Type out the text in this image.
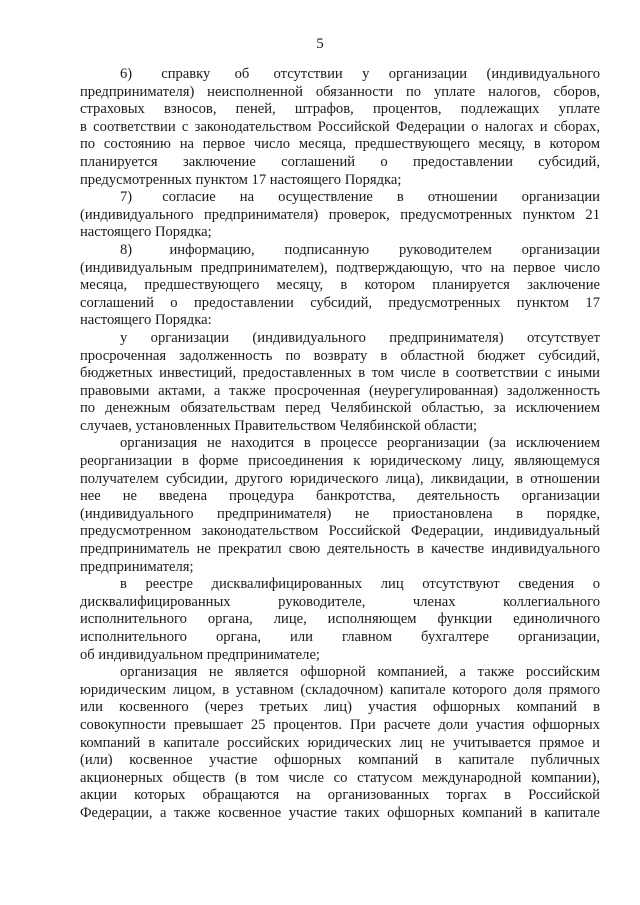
5
6)      справку     об     отсутствии    у    организации    (индивидуального
предпринимателя) неисполненной обязанности по уплате налогов, сборов,
страховых взносов, пеней, штрафов, процентов, подлежащих уплате
в соответствии с законодательством Российской Федерации о налогах и сборах,
по состоянию на первое число месяца, предшествующего месяцу, в котором
планируется заключение соглашений о предоставлении субсидий,
предусмотренных пунктом 17 настоящего Порядка;
7)     согласие    на    осуществление    в    отношении    организации
(индивидуального предпринимателя) проверок, предусмотренных пунктом 21
настоящего Порядка;
8)     информацию,    подписанную    руководителем    организации
(индивидуальным предпринимателем), подтверждающую, что на первое число
месяца, предшествующего месяцу, в котором планируется заключение
соглашений о предоставлении субсидий, предусмотренных пунктом 17
настоящего Порядка:
у    организации    (индивидуального    предпринимателя)    отсутствует
просроченная задолженность по возврату в областной бюджет субсидий,
бюджетных инвестиций, предоставленных в том числе в соответствии с иными
правовыми актами, а также просроченная (неурегулированная) задолженность
по денежным обязательствам перед Челябинской областью, за исключением
случаев, установленных Правительством Челябинской области;
организация не находится в процессе реорганизации (за исключением
реорганизации в форме присоединения к юридическому лицу, являющемуся
получателем субсидии, другого юридического лица), ликвидации, в отношении
нее не введена процедура банкротства, деятельность организации
(индивидуального предпринимателя) не приостановлена в порядке,
предусмотренном законодательством Российской Федерации, индивидуальный
предприниматель не прекратил свою деятельность в качестве индивидуального
предпринимателя;
в   реестре   дисквалифицированных   лиц   отсутствуют   сведения   о
дисквалифицированных руководителе, членах коллегиального
исполнительного органа, лице, исполняющем функции единоличного
исполнительного органа, или главном бухгалтере организации,
об индивидуальном предпринимателе;
организация не является офшорной компанией, а также российским
юридическим лицом, в уставном (складочном) капитале которого доля прямого
или косвенного (через третьих лиц) участия офшорных компаний в
совокупности превышает 25 процентов. При расчете доли участия офшорных
компаний в капитале российских юридических лиц не учитывается прямое и
(или) косвенное участие офшорных компаний в капитале публичных
акционерных обществ (в том числе со статусом международной компании),
акции которых обращаются на организованных торгах в Российской
Федерации, а также косвенное участие таких офшорных компаний в капитале
